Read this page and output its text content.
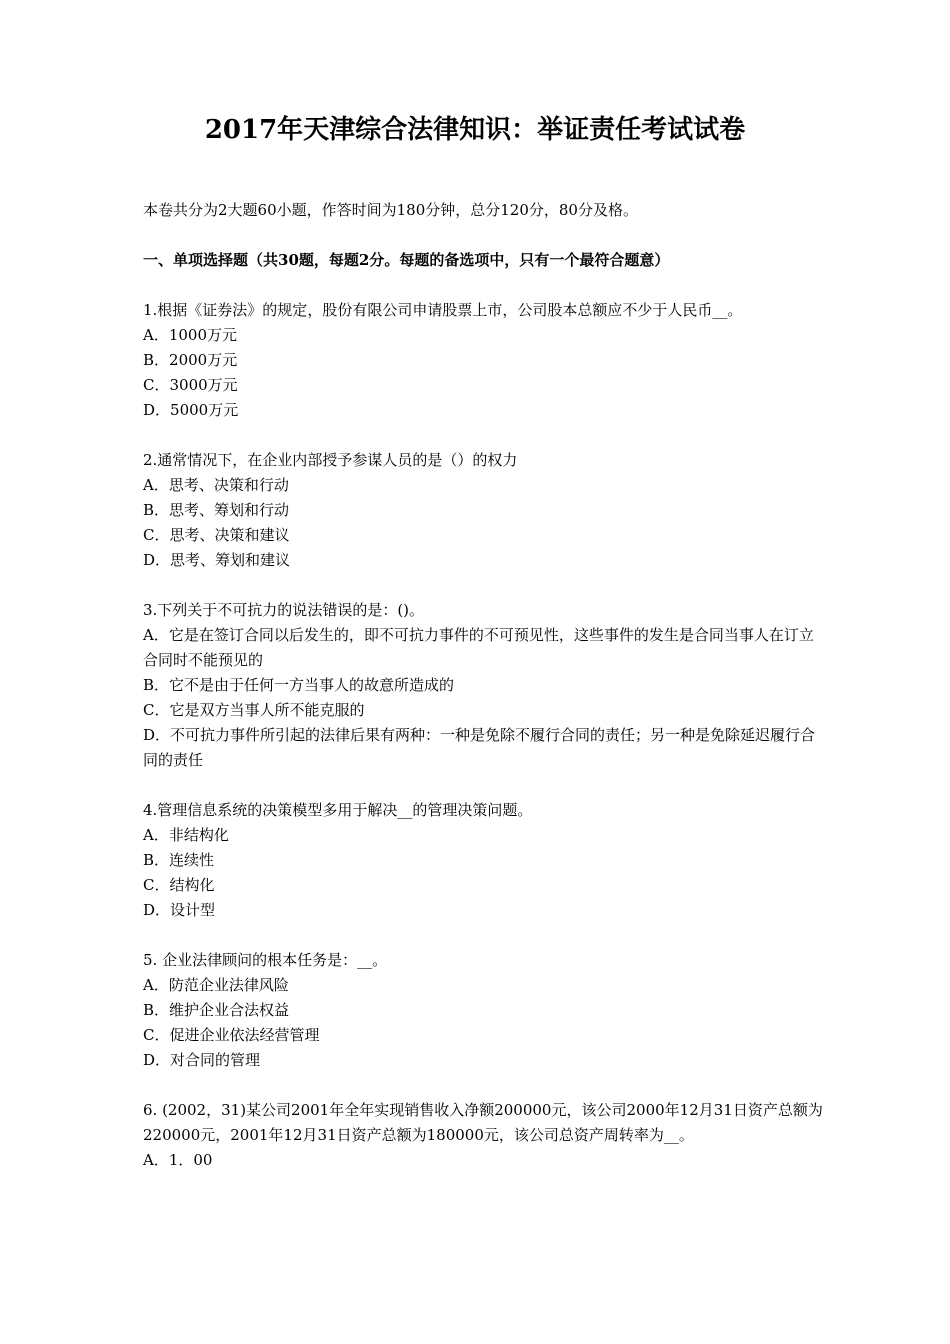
2017年天津综合法律知识：举证责任考试试卷

本卷共分为2大题60小题，作答时间为180分钟，总分120分，80分及格。

一、单项选择题（共30题，每题2分。每题的备选项中，只有一个最符合题意）

1.根据《证券法》的规定，股份有限公司申请股票上市，公司股本总额应不少于人民币__。

A．1000万元

B．2000万元

C．3000万元

D．5000万元

2.通常情况下，在企业内部授予参谋人员的是（）的权力

A．思考、决策和行动

B．思考、筹划和行动

C．思考、决策和建议

D．思考、筹划和建议

3.下列关于不可抗力的说法错误的是：()。

A．它是在签订合同以后发生的，即不可抗力事件的不可预见性，这些事件的发生是合同当事人在订立合同时不能预见的

B．它不是由于任何一方当事人的故意所造成的

C．它是双方当事人所不能克服的

D．不可抗力事件所引起的法律后果有两种：一种是免除不履行合同的责任；另一种是免除延迟履行合同的责任

4.管理信息系统的决策模型多用于解决__的管理决策问题。

A．非结构化

B．连续性

C．结构化

D．设计型

5. 企业法律顾问的根本任务是：__。

A．防范企业法律风险

B．维护企业合法权益

C．促进企业依法经营管理

D．对合同的管理

6. (2002，31)某公司2001年全年实现销售收入净额200000元，该公司2000年12月31日资产总额为220000元，2001年12月31日资产总额为180000元，该公司总资产周转率为__。

A．1．00
